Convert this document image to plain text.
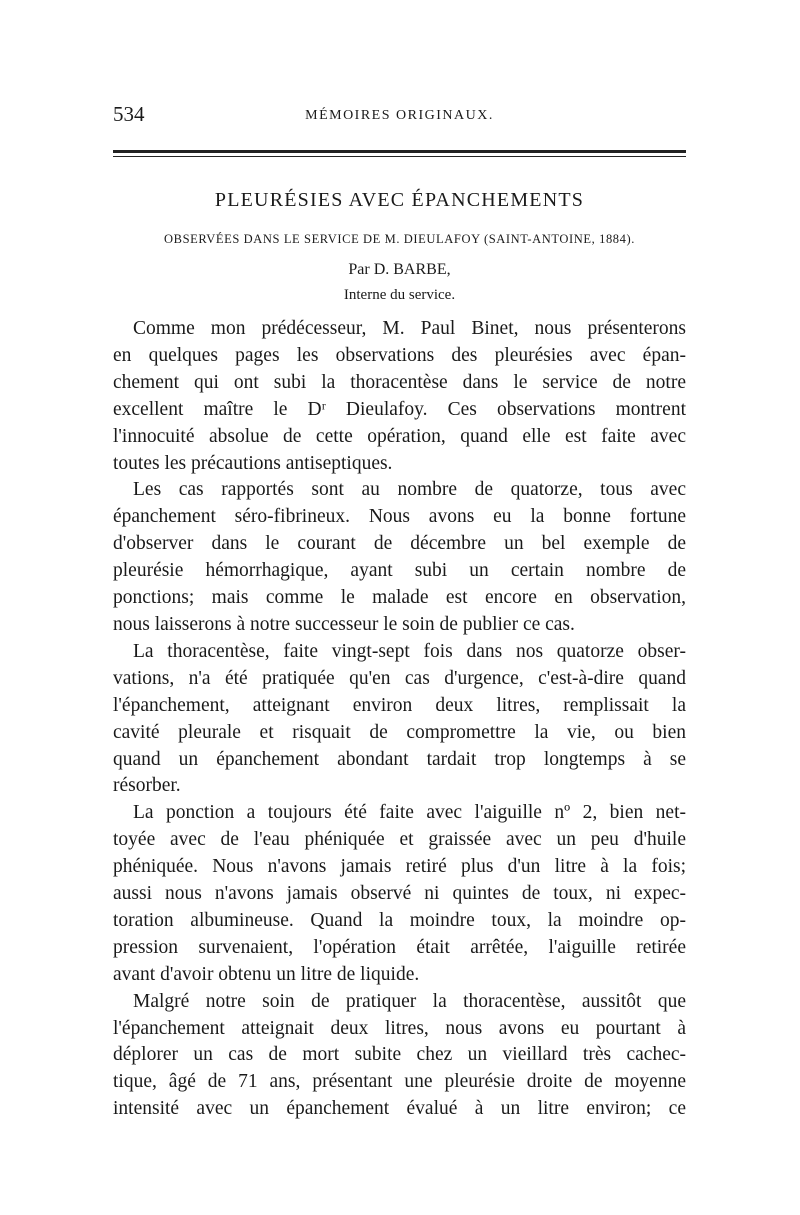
534	MÉMOIRES ORIGINAUX.
PLEURÉSIES AVEC ÉPANCHEMENTS
OBSERVÉES DANS LE SERVICE DE M. DIEULAFOY (SAINT-ANTOINE, 1884).
Par D. BARBE,
Interne du service.

Comme mon prédécesseur, M. Paul Binet, nous présenterons
en quelques pages les observations des pleurésies avec épan-
chement qui ont subi la thoracentèse dans le service de notre
excellent maître le Dʳ Dieulafoy. Ces observations montrent
l'innocuité absolue de cette opération, quand elle est faite avec
toutes les précautions antiseptiques.

Les cas rapportés sont au nombre de quatorze, tous avec
épanchement séro-fibrineux. Nous avons eu la bonne fortune
d'observer dans le courant de décembre un bel exemple de
pleurésie hémorrhagique, ayant subi un certain nombre de
ponctions; mais comme le malade est encore en observation,
nous laisserons à notre successeur le soin de publier ce cas.

La thoracentèse, faite vingt-sept fois dans nos quatorze obser-
vations, n'a été pratiquée qu'en cas d'urgence, c'est-à-dire quand
l'épanchement, atteignant environ deux litres, remplissait la
cavité pleurale et risquait de compromettre la vie, ou bien
quand un épanchement abondant tardait trop longtemps à se
résorber.

La ponction a toujours été faite avec l'aiguille nº 2, bien net-
toyée avec de l'eau phéniquée et graissée avec un peu d'huile
phéniquée. Nous n'avons jamais retiré plus d'un litre à la fois;
aussi nous n'avons jamais observé ni quintes de toux, ni expec-
toration albumineuse. Quand la moindre toux, la moindre op-
pression survenaient, l'opération était arrêtée, l'aiguille retirée
avant d'avoir obtenu un litre de liquide.

Malgré notre soin de pratiquer la thoracentèse, aussitôt que
l'épanchement atteignait deux litres, nous avons eu pourtant à
déplorer un cas de mort subite chez un vieillard très cachec-
tique, âgé de 71 ans, présentant une pleurésie droite de moyenne
intensité avec un épanchement évalué à un litre environ; ce
